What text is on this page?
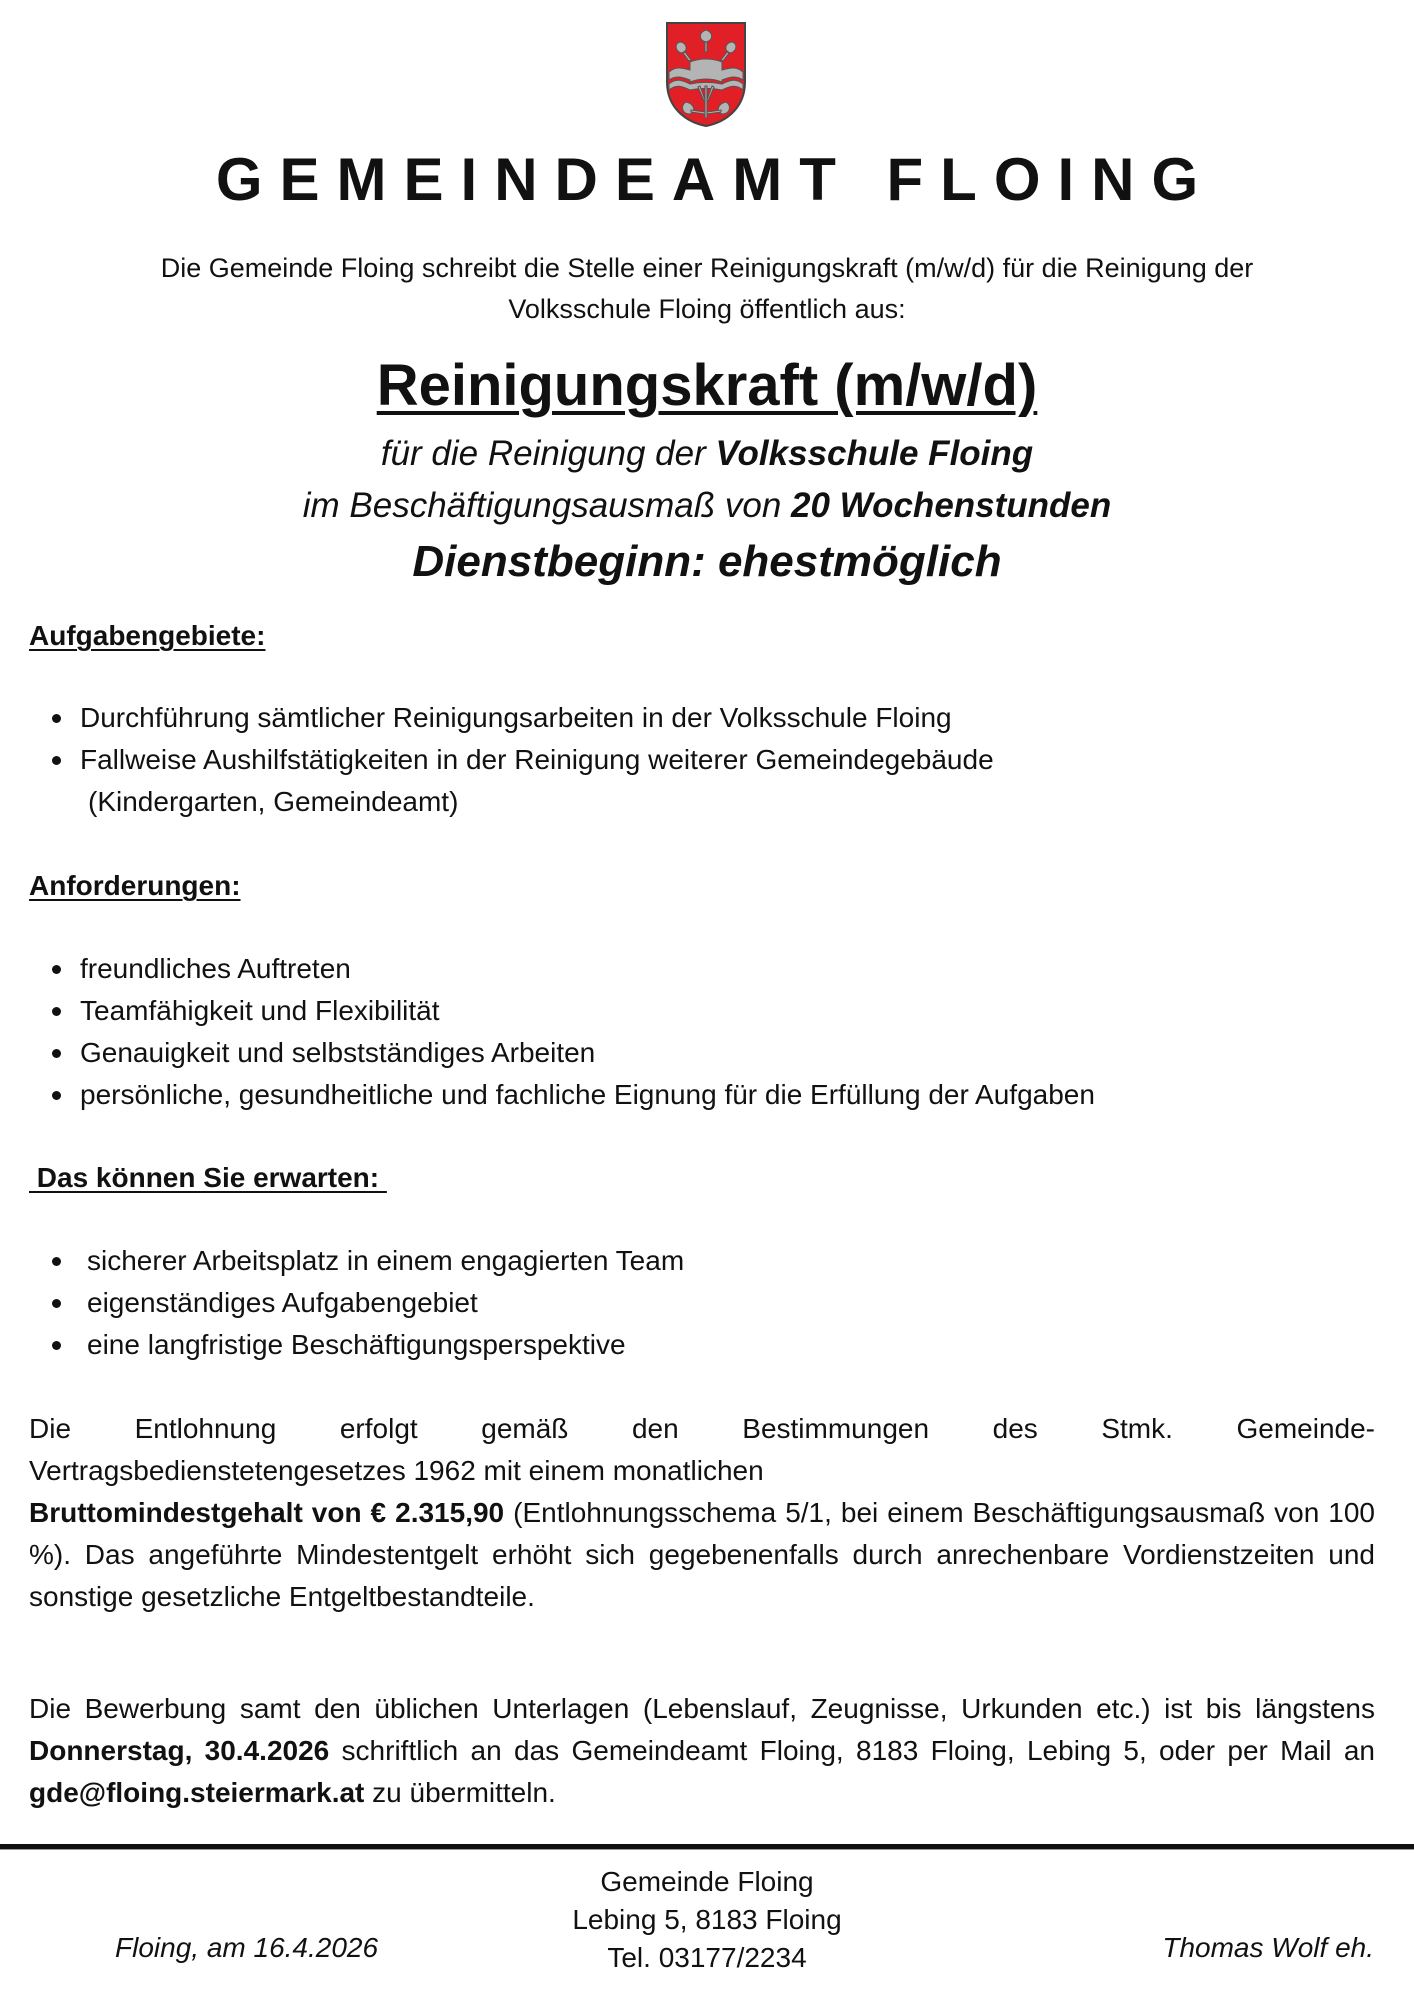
GEMEINDEAMT FLOING
Die Gemeinde Floing schreibt die Stelle einer Reinigungskraft (m/w/d) für die Reinigung der
Volksschule Floing öffentlich aus:
Reinigungskraft (m/w/d)
für die Reinigung der Volksschule Floing
im Beschäftigungsausmaß von 20 Wochenstunden
Dienstbeginn: ehestmöglich
Aufgabengebiete:
Durchführung sämtlicher Reinigungsarbeiten in der Volksschule Floing
Fallweise Aushilfstätigkeiten in der Reinigung weiterer Gemeindegebäude
(Kindergarten, Gemeindeamt)
Anforderungen:
freundliches Auftreten
Teamfähigkeit und Flexibilität
Genauigkeit und selbstständiges Arbeiten
persönliche, gesundheitliche und fachliche Eignung für die Erfüllung der Aufgaben
Das können Sie erwarten:
sicherer Arbeitsplatz in einem engagierten Team
eigenständiges Aufgabengebiet
eine langfristige Beschäftigungsperspektive
Die Entlohnung erfolgt gemäß den Bestimmungen des Stmk. Gemeinde-
Vertragsbedienstetengesetzes 1962 mit einem monatlichen
Bruttomindestgehalt von € 2.315,90 (Entlohnungsschema 5/1, bei einem Beschäftigungsausmaß von 100 %). Das angeführte Mindestentgelt erhöht sich gegebenenfalls durch anrechenbare Vordienstzeiten und sonstige gesetzliche Entgeltbestandteile.
Die Bewerbung samt den üblichen Unterlagen (Lebenslauf, Zeugnisse, Urkunden etc.) ist bis längstens Donnerstag, 30.4.2026 schriftlich an das Gemeindeamt Floing, 8183 Floing, Lebing 5, oder per Mail an gde@floing.steiermark.at zu übermitteln.
Floing, am 16.4.2026
Gemeinde Floing
Lebing 5, 8183 Floing
Tel. 03177/2234	Thomas Wolf eh.
